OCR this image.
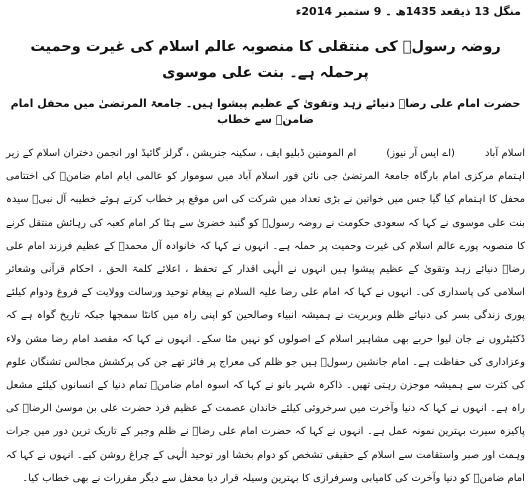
منگل 13 ذیقعد 1435ھ ۔ 9 ستمبر 2014ء
روضہ رسولؐ کی منتقلی کا منصوبہ عالم اسلام کی غیرت وحمیت پرحملہ ہے۔ بنت علی موسوی
حضرت امام علی رضاؑ دنیائے زہد وتقویٰ کے عظیم پیشوا ہیں۔ جامعۃ المرتضیٰ میں محفل امام ضامنؑ سے خطاب
اسلام آباد(اے ایس آر نیوز)ام المومنین ڈبلیو ایف ، سکینہ جنریشن ، گرلز گائیڈ اور انجمن دختران اسلام کے زیر اہتمام مرکزی امام بارگاہ جامعۃ المرتضیٰ جی نائن فور اسلام آباد میں سوموار کو عالمی ایام امام ضامنؑ کی اختتامی محفل کا اہتمام کیا گیا جس میں خواتین نے بڑی تعداد میں شرکت کی اس موقع پر خطاب کرتے ہوئے خطیبہ آل نبیؐ سیدہ بنت علی موسوی نے کہا کہ سعودی حکومت نے روضہ رسولؐ کو گنبد خضریٰ سے ہٹا کر امام کعبہ کی رہائش منتقل کرنے کا منصوبہ پورے عالم اسلام کی غیرت وحمیت پر حملہ ہے۔ انہوں نے کہا کہ خانوادہ آل محمدؐ کے عظیم فرزند امام علی رضاؑ دنیائے زہد وتقویٰ کے عظیم پیشوا ہیں انہوں نے الٰہی اقدار کے تحفظ ، اعلائے کلمۃ الحق ، احکام قرآنی وشعائر اسلامی کی پاسداری کی۔ انہوں نے کہا کہ امام علی رضا علیہ السلام نے پیغام توحید ورسالت وولایت کے فروغ ودوام کیلئے پوری زندگی بسر کی دنیائے ظلم وبربریت نے ہمیشہ انبیاء وصالحین کو اپنی راہ میں کانٹا سمجھا جبکہ تاریخ گواہ ہے کہ ڈکٹیٹروں نے جان لیوا حربے بھی مشاہیر اسلام کے اصولوں کو نہیں مٹا سکے۔ انہوں نے کہا کہ مقصد امام رضا مشن ولاء وعزاداری کی حفاظت ہے۔ امام جانشین رسولؐ ہیں جو ظلم کی معراج پر فائز تھے جن کی پرکشش مجالس تشنگان علوم کی کثرت سے ہمیشہ موجزن رہتی تھیں۔ ذاکرہ شہر بانو نے کہا کہ اسوہ امام ضامنؑ تمام دنیا کے انسانوں کیلئے مشعل راہ ہے۔ انہوں نے کہا کہ دنیا وآخرت میں سرخروئی کیلئے خاندان عصمت کے عظیم فرد حضرت علی بن موسیٰ الرضاؑ کی پاکیزہ سیرت بہترین نمونہ عمل ہے۔ انہوں نے کہا کہ حضرت امام علی رضاؑ نے ظلم وجبر کے تاریک ترین دور میں جرات وہمت اور صبر واستقامت سے اسلام کے حقیقی تشخص کو دوام بخشا اور توحید الٰہی کے چراغ روشن کیے۔ انہوں نے کہا کہ امام ضامنؑ کو دنیا وآخرت کی کامیابی وسرفرازی کا بہترین وسیلہ قرار دیا محفل سے دیگر مقررات نے بھی خطاب کیا۔
